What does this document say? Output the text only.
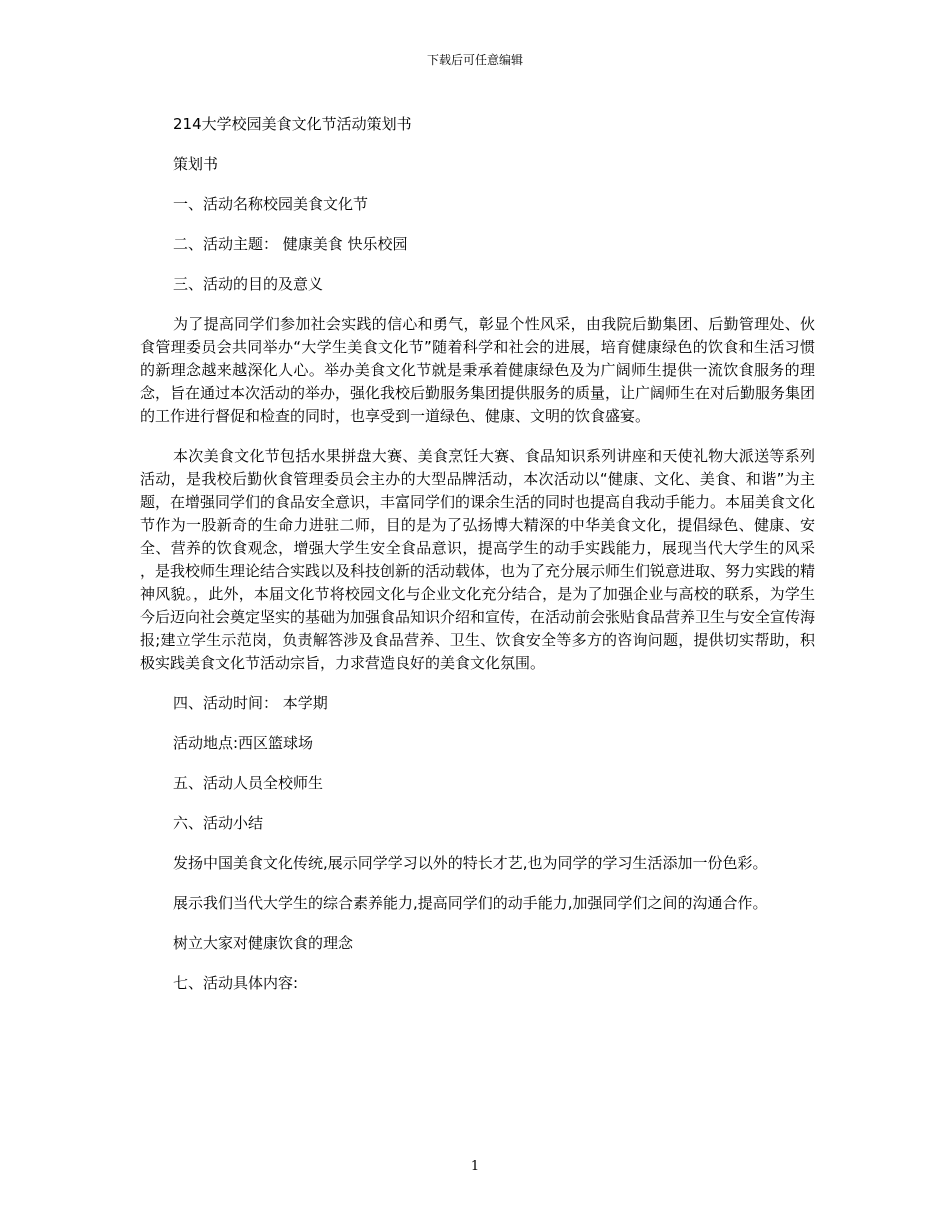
下载后可任意编辑

214大学校园美食文化节活动策划书

策划书

一、活动名称校园美食文化节

二、活动主题： 健康美食 快乐校园

三、活动的目的及意义

为了提高同学们参加社会实践的信心和勇气，彰显个性风采，由我院后勤集团、后勤管理处、伙食管理委员会共同举办“大学生美食文化节”随着科学和社会的进展，培育健康绿色的饮食和生活习惯的新理念越来越深化人心。举办美食文化节就是秉承着健康绿色及为广阔师生提供一流饮食服务的理念，旨在通过本次活动的举办，强化我校后勤服务集团提供服务的质量，让广阔师生在对后勤服务集团的工作进行督促和检查的同时，也享受到一道绿色、健康、文明的饮食盛宴。

本次美食文化节包括水果拼盘大赛、美食烹饪大赛、食品知识系列讲座和天使礼物大派送等系列活动，是我校后勤伙食管理委员会主办的大型品牌活动，本次活动以“健康、文化、美食、和谐”为主题，在增强同学们的食品安全意识，丰富同学们的课余生活的同时也提高自我动手能力。本届美食文化节作为一股新奇的生命力进驻二师，目的是为了弘扬博大精深的中华美食文化，提倡绿色、健康、安全、营养的饮食观念，增强大学生安全食品意识，提高学生的动手实践能力，展现当代大学生的风采 ，是我校师生理论结合实践以及科技创新的活动载体，也为了充分展示师生们锐意进取、努力实践的精神风貌。，此外，本届文化节将校园文化与企业文化充分结合，是为了加强企业与高校的联系，为学生今后迈向社会奠定坚实的基础为加强食品知识介绍和宣传，在活动前会张贴食品营养卫生与安全宣传海报;建立学生示范岗，负责解答涉及食品营养、卫生、饮食安全等多方的咨询问题，提供切实帮助，积极实践美食文化节活动宗旨，力求营造良好的美食文化氛围。

四、活动时间： 本学期

活动地点:西区篮球场

五、活动人员全校师生

六、活动小结

发扬中国美食文化传统,展示同学学习以外的特长才艺,也为同学的学习生活添加一份色彩。

展示我们当代大学生的综合素养能力,提高同学们的动手能力,加强同学们之间的沟通合作。

树立大家对健康饮食的理念

七、活动具体内容:

1
